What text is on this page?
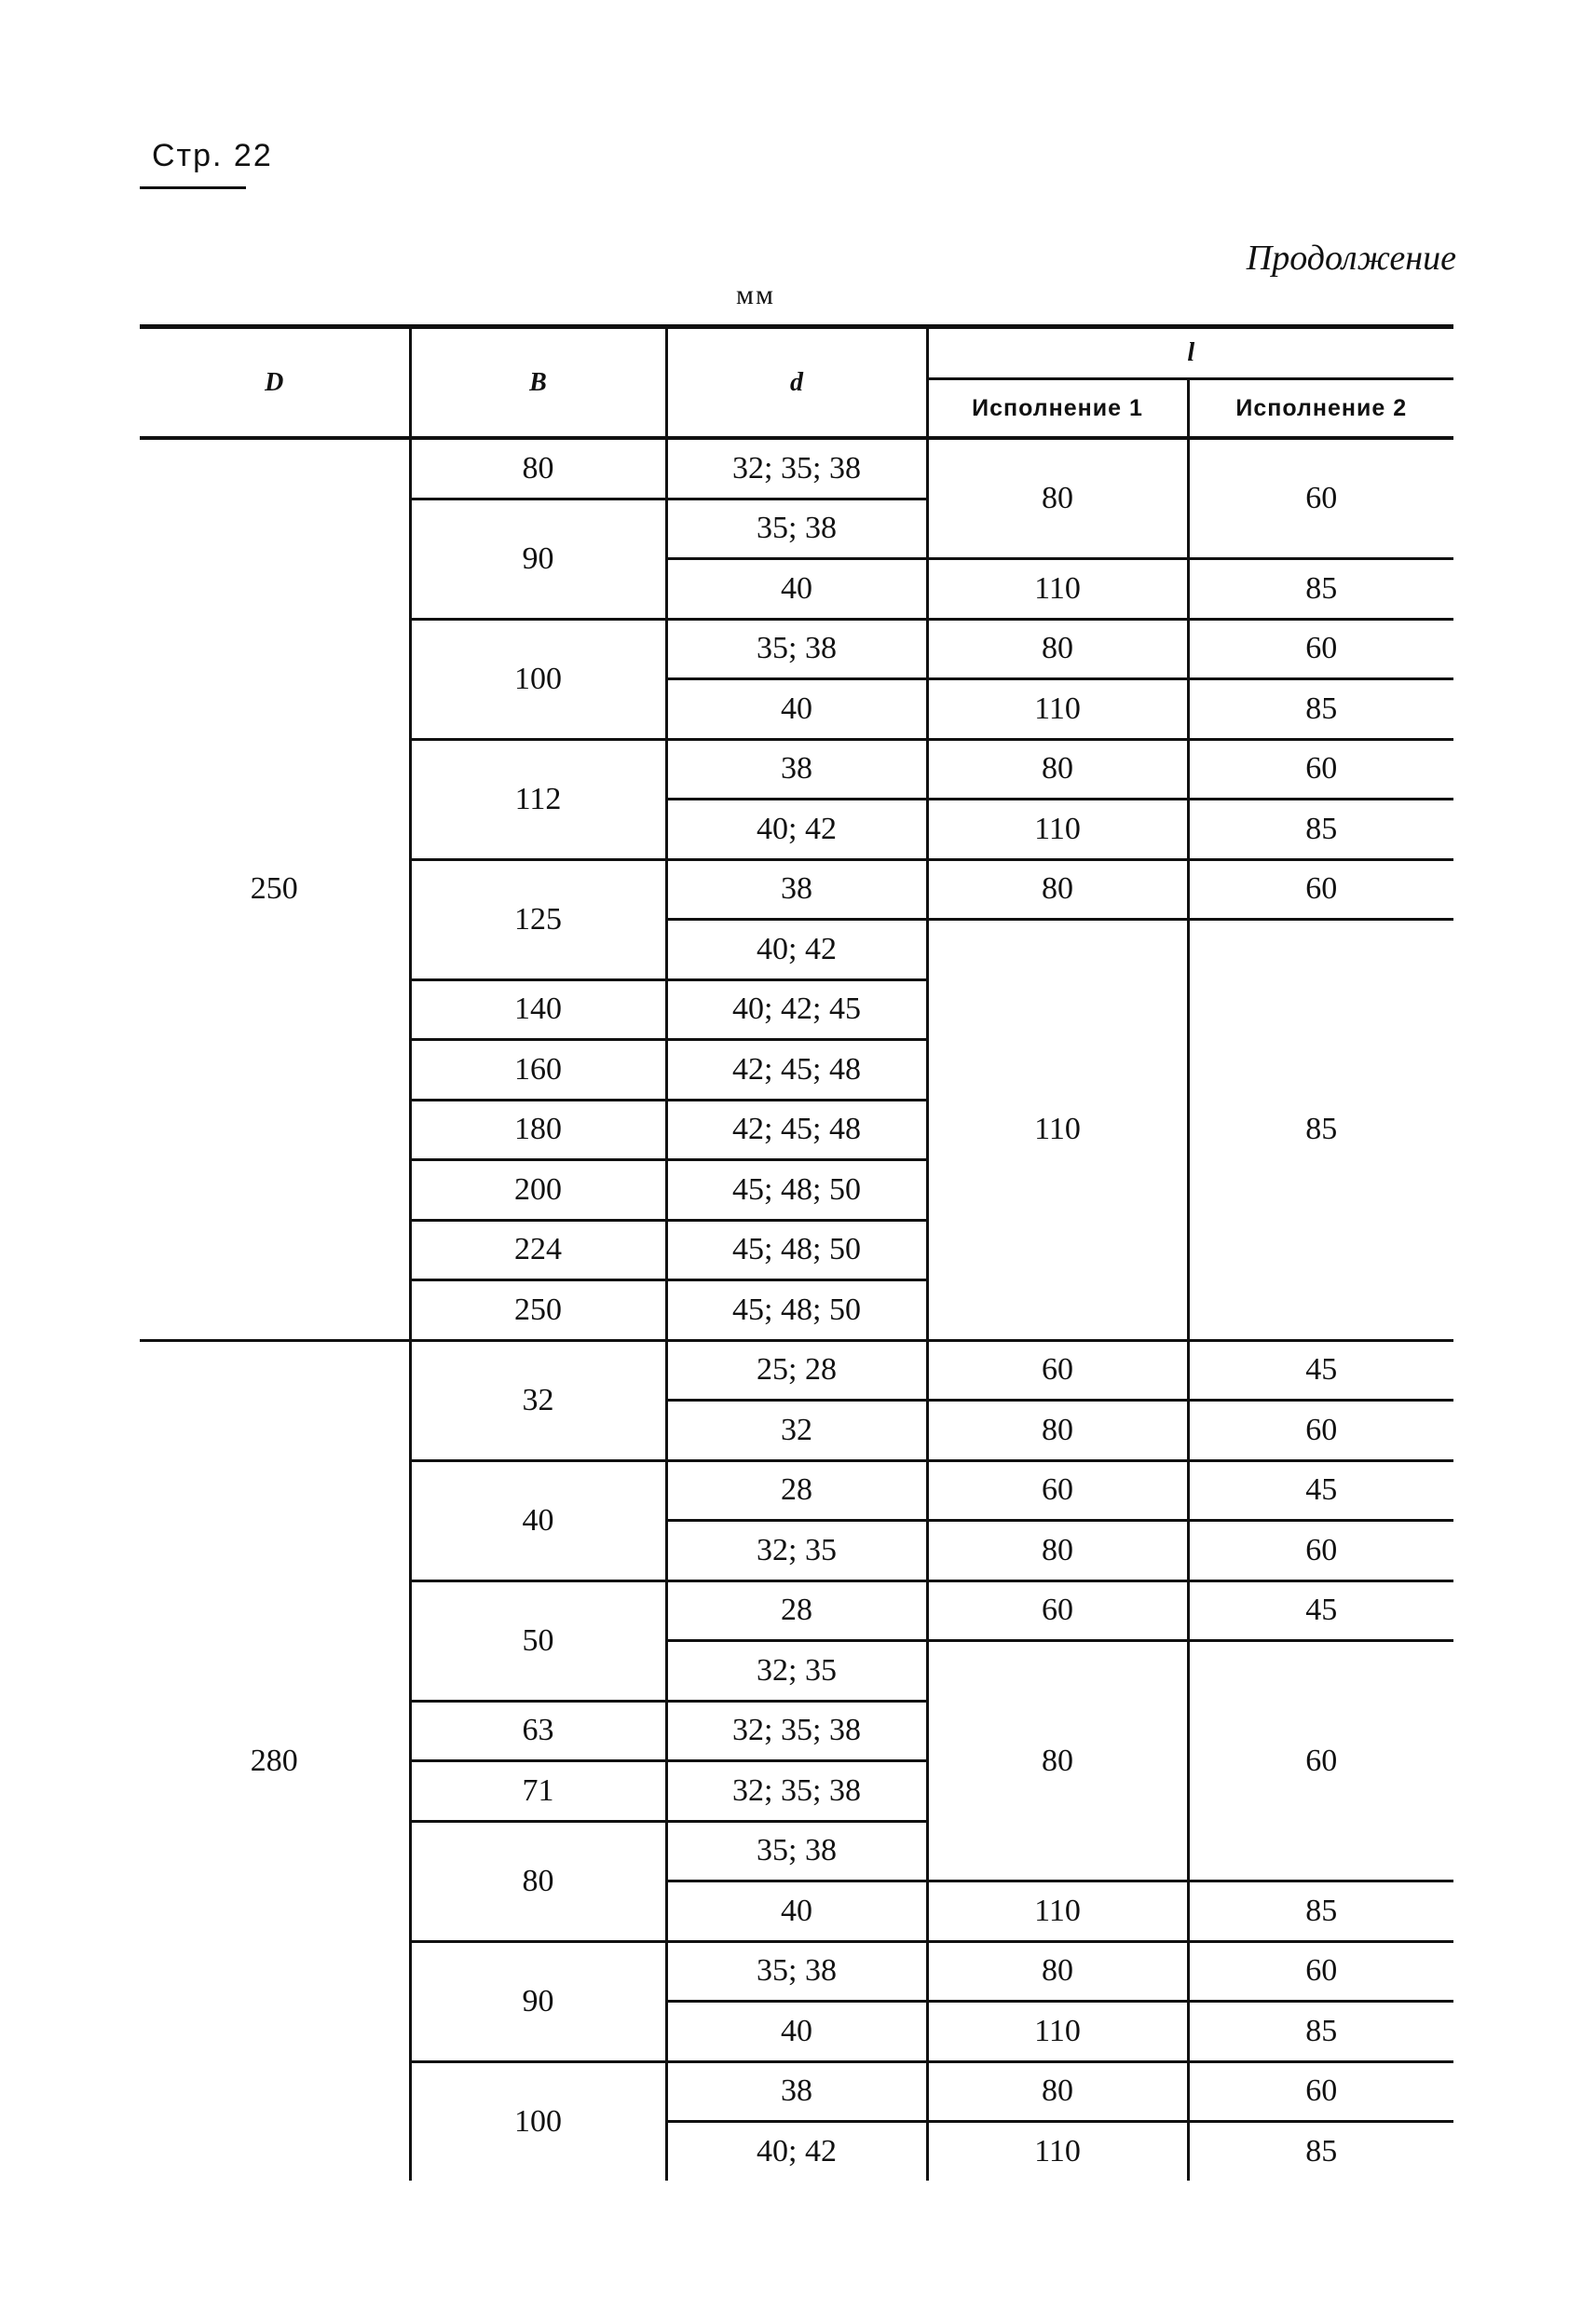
Стр. 22
Продолжение
мм
D	B	d	l	
			Исполнение 1	Исполнение 2
250	80	32; 35; 38	80	60
	90	35; 38		
		40	110	85
	100	35; 38	80	60
		40	110	85
	112	38	80	60
		40; 42	110	85
	125	38	80	60
		40; 42	110	85
	140	40; 42; 45		
	160	42; 45; 48		
	180	42; 45; 48		
	200	45; 48; 50		
	224	45; 48; 50		
	250	45; 48; 50		
280	32	25; 28	60	45
		32	80	60
	40	28	60	45
		32; 35	80	60
	50	28	60	45
		32; 35	80	60
	63	32; 35; 38		
	71	32; 35; 38		
	80	35; 38		
		40	110	85
	90	35; 38	80	60
		40	110	85
	100	38	80	60
		40; 42	110	85
